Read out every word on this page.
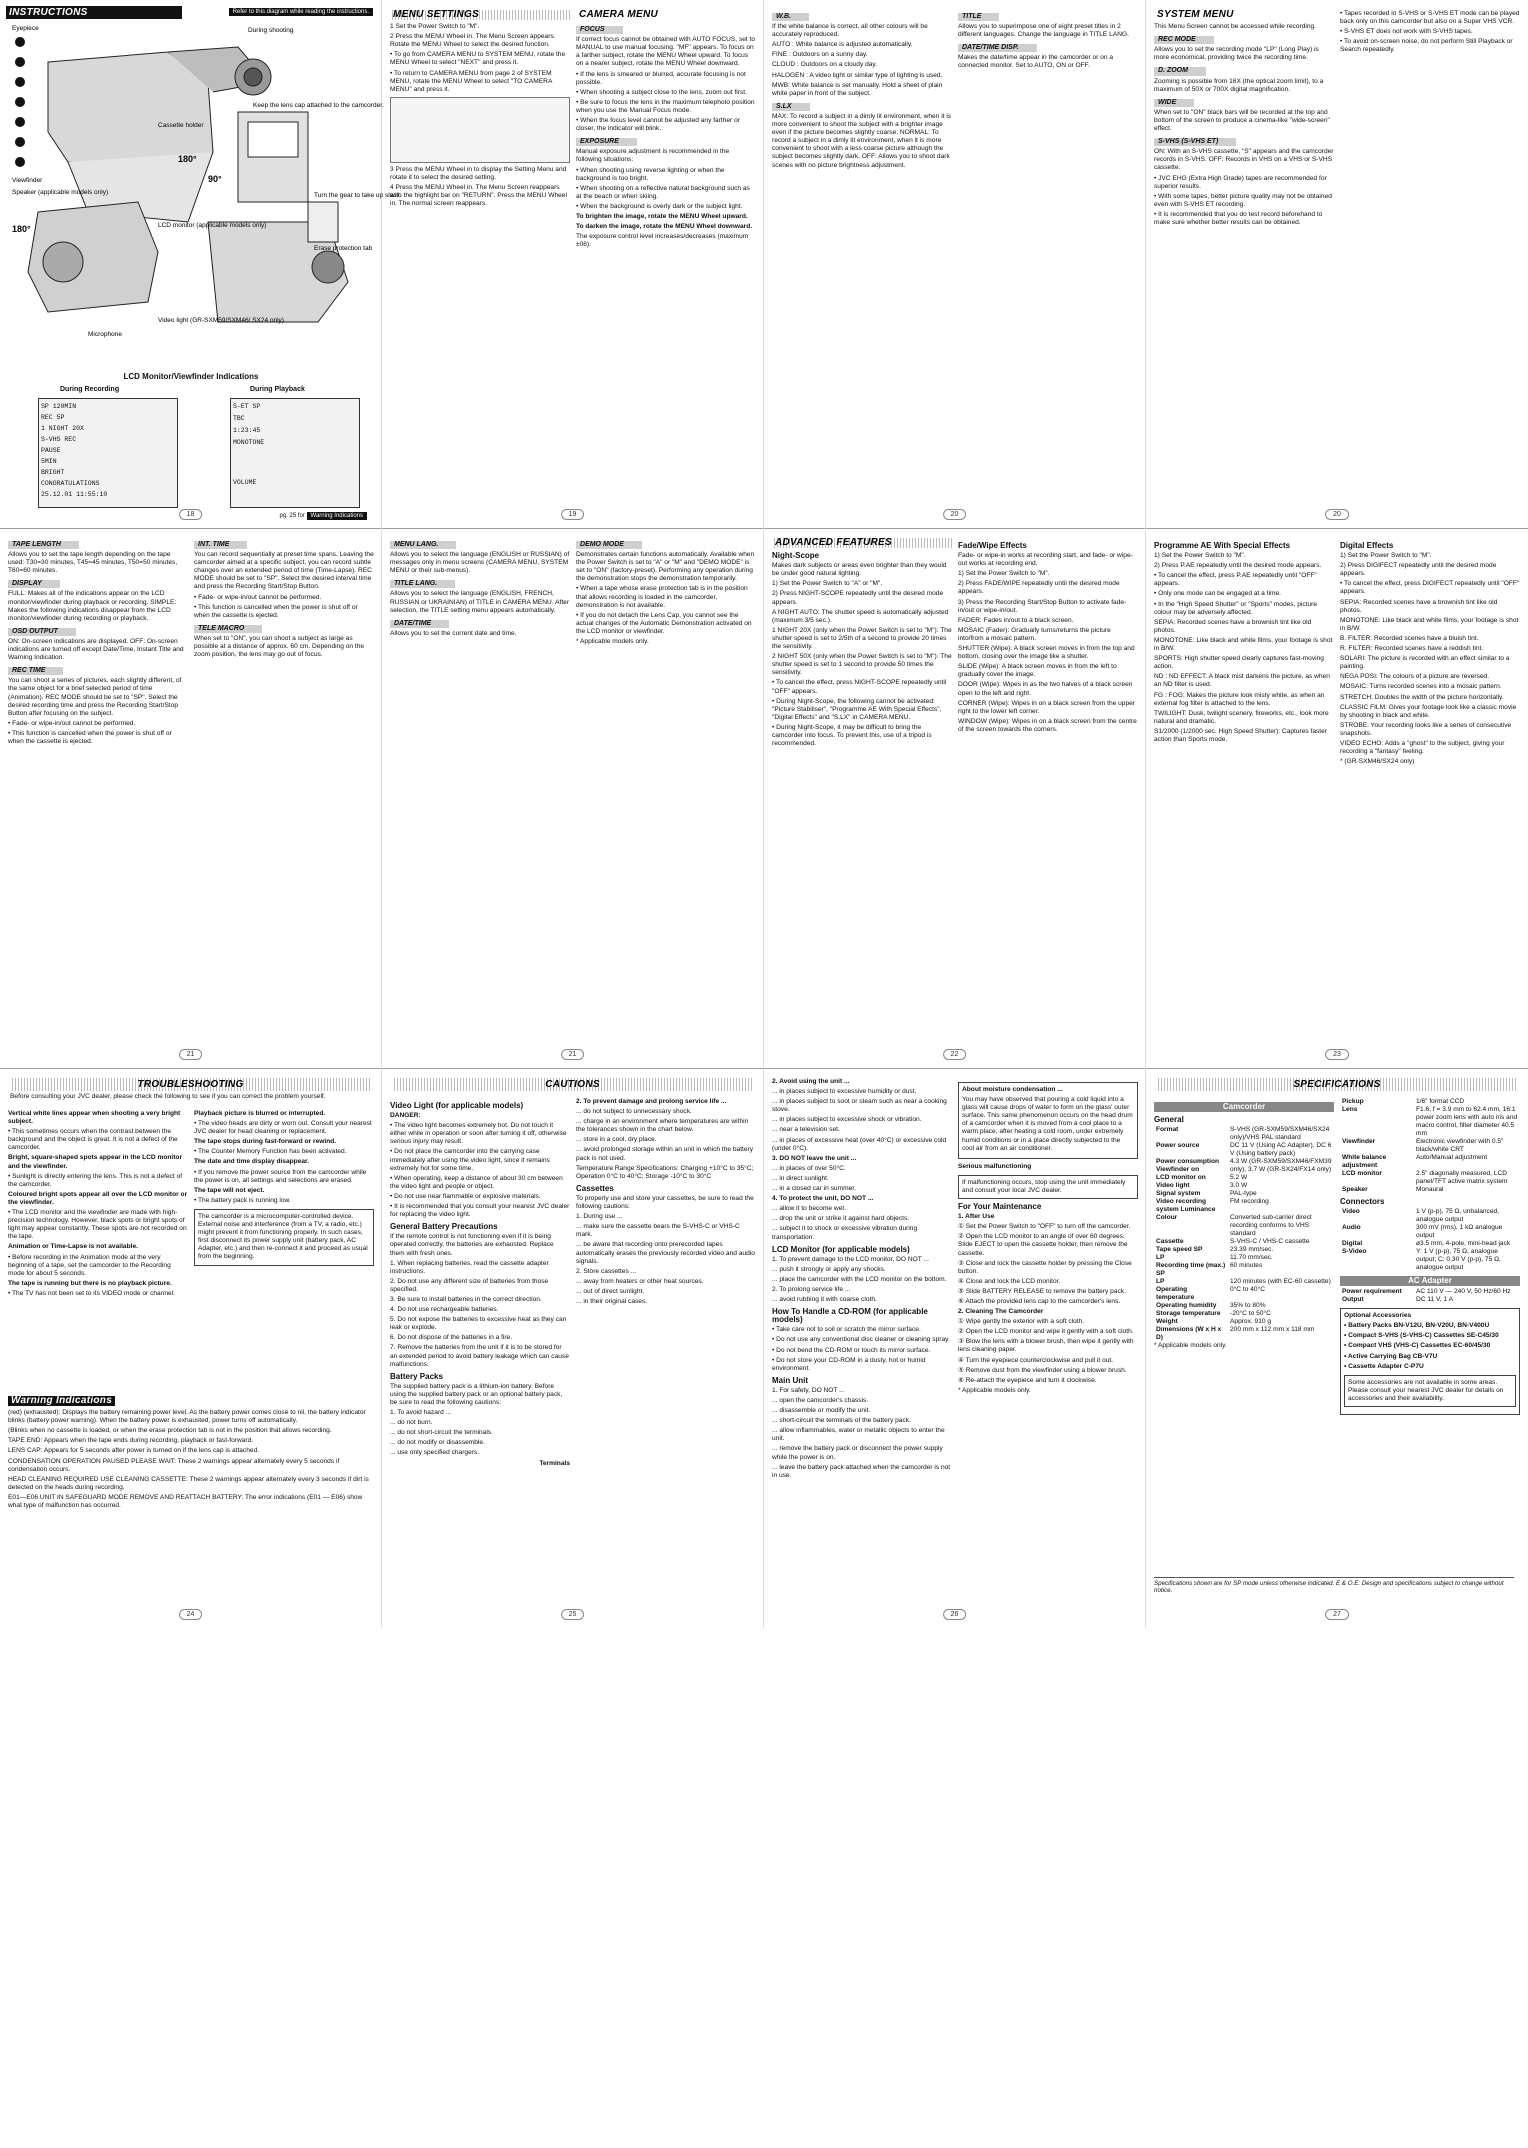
INSTRUCTIONS	Refer to this diagram while reading the instructions.
Eyepiece	During shooting
Keep the lens cap attached to the camcorder.
Cassette holder
Viewfinder
Speaker (applicable models only)
LCD monitor (applicable models only)
Turn the gear to take up slack.
Erase protection tab
Video light (GR-SXM59/SXM46/ SX24 only)
Microphone
180°
180°
90°
LCD Monitor/Viewfinder Indications
During Recording	During Playback
SP 120MIN
REC 5P
1 NIGHT 20X
S-VHS REC
PAUSE
5MIN
BRIGHT
CONGRATULATIONS
25.12.01 11:55:10
S-ET SP
TBC
1:23:45
MONOTONE
VOLUME
pg. 25 for Warning Indications
18
MENU SETTINGS
1 Set the Power Switch to "M".
2 Press the MENU Wheel in. The Menu Screen appears. Rotate the MENU Wheel to select the desired function.
• To go from CAMERA MENU to SYSTEM MENU, rotate the MENU Wheel to select "NEXT" and press it.
• To return to CAMERA MENU from page 2 of SYSTEM MENU, rotate the MENU Wheel to select "TO CAMERA MENU" and press it.
3 Press the MENU Wheel in to display the Setting Menu and rotate it to select the desired setting.
4 Press the MENU Wheel in. The Menu Screen reappears with the highlight bar on "RETURN". Press the MENU Wheel in. The normal screen reappears.
CAMERA MENU
FOCUS
If correct focus cannot be obtained with AUTO FOCUS, set to MANUAL to use manual focusing. "MF" appears. To focus on a farther subject, rotate the MENU Wheel upward. To focus on a nearer subject, rotate the MENU Wheel downward.
• If the lens is smeared or blurred, accurate focusing is not possible.
• When shooting a subject close to the lens, zoom out first.
• Be sure to focus the lens in the maximum telephoto position when you use the Manual Focus mode.
• When the focus level cannot be adjusted any farther or closer, the indicator will blink.
EXPOSURE
Manual exposure adjustment is recommended in the following situations:
• When shooting using reverse lighting or when the background is too bright.
• When shooting on a reflective natural background such as at the beach or when skiing.
• When the background is overly dark or the subject light.
To brighten the image, rotate the MENU Wheel upward.
To darken the image, rotate the MENU Wheel downward.
The exposure control level increases/decreases (maximum ±06).
19
W.B.
If the white balance is correct, all other colours will be accurately reproduced.
AUTO : White balance is adjusted automatically.
FINE : Outdoors on a sunny day.
CLOUD : Outdoors on a cloudy day.
HALOGEN : A video light or similar type of lighting is used.
MWB: White balance is set manually. Hold a sheet of plain white paper in front of the subject.
S.LX
MAX: To record a subject in a dimly lit environment, when it is more convenient to shoot the subject with a brighter image even if the picture becomes slightly coarse. NORMAL: To record a subject in a dimly lit environment, when it is more convenient to shoot with a less coarse picture although the subject becomes slightly dark. OFF: Allows you to shoot dark scenes with no picture brightness adjustment.
TITLE
Allows you to superimpose one of eight preset titles in 2 different languages. Change the language in TITLE LANG.
DATE/TIME DISP.
Makes the date/time appear in the camcorder or on a connected monitor. Set to AUTO, ON or OFF.
20
SYSTEM MENU
This Menu Screen cannot be accessed while recording.
REC MODE
Allows you to set the recording mode "LP" (Long Play) is more economical, providing twice the recording time.
D. ZOOM
Zooming is possible from 16X (the optical zoom limit), to a maximum of 50X or 700X digital magnification.
WIDE
When set to "ON" black bars will be recorded at the top and bottom of the screen to produce a cinema-like "wide-screen" effect.
S-VHS (S-VHS ET)
ON: With an S-VHS cassette, "S" appears and the camcorder records in S-VHS. OFF: Records in VHS on a VHS or S-VHS cassette.
• JVC EHG (Extra High Grade) tapes are recommended for superior results.
• With some tapes, better picture quality may not be obtained even with S-VHS ET recording.
• It is recommended that you do test record beforehand to make sure whether better results can be obtained.
• Tapes recorded in S-VHS or S-VHS ET mode can be played back only on this camcorder but also on a Super VHS VCR.
• S-VHS ET does not work with S-VHS tapes.
• To avoid on-screen noise, do not perform Still Playback or Search repeatedly.
20
TAPE LENGTH
Allows you to set the tape length depending on the tape used: T30=30 minutes, T45=45 minutes, T50=50 minutes, T60=60 minutes.
DISPLAY
FULL: Makes all of the indications appear on the LCD monitor/viewfinder during playback or recording. SIMPLE: Makes the following indications disappear from the LCD monitor/viewfinder during recording or playback.
OSD OUTPUT
ON: On-screen indications are displayed. OFF: On-screen indications are turned off except Date/Time, Instant Title and Warning Indication.
REC TIME
You can shoot a series of pictures, each slightly different, of the same object for a brief selected period of time (Animation). REC MODE should be set to "SP". Select the desired recording time and press the Recording Start/Stop Button after focusing on the subject.
• Fade- or wipe-in/out cannot be performed.
• This function is cancelled when the power is shut off or when the cassette is ejected.
INT. TIME
You can record sequentially at preset time spans. Leaving the camcorder aimed at a specific subject, you can record subtle changes over an extended period of time (Time-Lapse). REC MODE should be set to "SP". Select the desired interval time and press the Recording Start/Stop Button.
• Fade- or wipe-in/out cannot be performed.
• This function is cancelled when the power is shut off or when the cassette is ejected.
TELE MACRO
When set to "ON", you can shoot a subject as large as possible at a distance of approx. 60 cm. Depending on the zoom position, the lens may go out of focus.
21
MENU LANG.
Allows you to select the language (ENGLISH or RUSSIAN) of messages only in menu screens (CAMERA MENU, SYSTEM MENU or their sub-menus).
TITLE LANG.
Allows you to select the language (ENGLISH, FRENCH, RUSSIAN or UKRAINIAN) of TITLE in CAMERA MENU. After selection, the TITLE setting menu appears automatically.
DATE/TIME
Allows you to set the current date and time.
DEMO MODE
Demonstrates certain functions automatically. Available when the Power Switch is set to "A" or "M" and "DEMO MODE" is set to "ON" (factory-preset). Performing any operation during the demonstration stops the demonstration temporarily.
• When a tape whose erase protection tab is in the position that allows recording is loaded in the camcorder, demonstration is not available.
• If you do not detach the Lens Cap, you cannot see the actual changes of the Automatic Demonstration activated on the LCD monitor or viewfinder.
* Applicable models only.
21
ADVANCED FEATURES
Night-Scope
Makes dark subjects or areas even brighter than they would be under good natural lighting.
1) Set the Power Switch to "A" or "M".
2) Press NIGHT-SCOPE repeatedly until the desired mode appears.
A NIGHT AUTO: The shutter speed is automatically adjusted (maximum 3/5 sec.).
1 NIGHT 20X (only when the Power Switch is set to "M"): The shutter speed is set to 2/5th of a second to provide 20 times the sensitivity.
2 NIGHT 50X (only when the Power Switch is set to "M"): The shutter speed is set to 1 second to provide 50 times the sensitivity.
• To cancel the effect, press NIGHT-SCOPE repeatedly until "OFF" appears.
• During Night-Scope, the following cannot be activated: "Picture Stabiliser", "Programme AE With Special Effects", "Digital Effects" and "S.LX" in CAMERA MENU.
• During Night-Scope, it may be difficult to bring the camcorder into focus. To prevent this, use of a tripod is recommended.
Fade/Wipe Effects
Fade- or wipe-in works at recording start, and fade- or wipe-out works at recording end.
1) Set the Power Switch to "M".
2) Press FADE/WIPE repeatedly until the desired mode appears.
3) Press the Recording Start/Stop Button to activate fade-in/out or wipe-in/out.
FADER: Fades in/out to a black screen.
MOSAIC (Fader): Gradually turns/returns the picture into/from a mosaic pattern.
SHUTTER (Wipe): A black screen moves in from the top and bottom, closing over the image like a shutter.
SLIDE (Wipe): A black screen moves in from the left to gradually cover the image.
DOOR (Wipe): Wipes in as the two halves of a black screen open to the left and right.
CORNER (Wipe): Wipes in on a black screen from the upper right to the lower left corner.
WINDOW (Wipe): Wipes in on a black screen from the centre of the screen towards the corners.
22
Programme AE With Special Effects
1) Set the Power Switch to "M".
2) Press P.AE repeatedly until the desired mode appears.
• To cancel the effect, press P.AE repeatedly until "OFF" appears.
• Only one mode can be engaged at a time.
• In the "High Speed Shutter" or "Sports" modes, picture colour may be adversely affected.
SEPIA: Recorded scenes have a brownish tint like old photos.
MONOTONE: Like black and white films, your footage is shot in B/W.
SPORTS: High shutter speed clearly captures fast-moving action.
ND : ND EFFECT: A black mist darkens the picture, as when an ND filter is used.
FG : FOG: Makes the picture look misty white, as when an external fog filter is attached to the lens.
TWILIGHT: Dusk, twilight scenery, fireworks, etc., look more natural and dramatic.
S1/2000 (1/2000 sec. High Speed Shutter): Captures faster action than Sports mode.
Digital Effects
1) Set the Power Switch to "M".
2) Press DIGIFECT repeatedly until the desired mode appears.
• To cancel the effect, press DIGIFECT repeatedly until "OFF" appears.
SEPIA: Recorded scenes have a brownish tint like old photos.
MONOTONE: Like black and white films, your footage is shot in B/W.
B. FILTER: Recorded scenes have a bluish tint.
R. FILTER: Recorded scenes have a reddish tint.
SOLARI: The picture is recorded with an effect similar to a painting.
NEGA POSI: The colours of a picture are reversed.
MOSAIC: Turns recorded scenes into a mosaic pattern.
STRETCH: Doubles the width of the picture horizontally.
CLASSIC FILM: Gives your footage look like a classic movie by shooting in black and white.
STROBE: Your recording looks like a series of consecutive snapshots.
VIDEO ECHO: Adds a "ghost" to the subject, giving your recording a "fantasy" feeling.
* (GR-SXM46/SX24 only)
23
TROUBLESHOOTING
Before consulting your JVC dealer, please check the following to see if you can correct the problem yourself.
Vertical white lines appear when shooting a very bright subject.
• This sometimes occurs when the contrast between the background and the object is great. It is not a defect of the camcorder.
Bright, square-shaped spots appear in the LCD monitor and the viewfinder.
• Sunlight is directly entering the lens. This is not a defect of the camcorder.
Coloured bright spots appear all over the LCD monitor or the viewfinder.
• The LCD monitor and the viewfinder are made with high-precision technology. However, black spots or bright spots of light may appear constantly. These spots are not recorded on the tape.
Animation or Time-Lapse is not available.
• Before recording in the Animation mode at the very beginning of a tape, set the camcorder to the Recording mode for about 5 seconds.
The tape is running but there is no playback picture.
• The TV has not been set to its VIDEO mode or channel.
Playback picture is blurred or interrupted.
• The video heads are dirty or worn out. Consult your nearest JVC dealer for head cleaning or replacement.
The tape stops during fast-forward or rewind.
• The Counter Memory Function has been activated.
The date and time display disappear.
• If you remove the power source from the camcorder while the power is on, all settings and selections are erased.
The tape will not eject.
• The battery pack is running low.
The camcorder is a microcomputer-controlled device. External noise and interference (from a TV, a radio, etc.) might prevent it from functioning properly. In such cases, first disconnect its power supply unit (battery pack, AC Adapter, etc.) and then re-connect it and proceed as usual from the beginning.
Warning Indications
(red) (exhausted): Displays the battery remaining power level. As the battery power comes close to nil, the battery indicator blinks (battery power warning). When the battery power is exhausted, power turns off automatically.
(Blinks when no cassette is loaded, or when the erase protection tab is not in the position that allows recording.
TAPE END: Appears when the tape ends during recording, playback or fast-forward.
LENS CAP: Appears for 5 seconds after power is turned on if the lens cap is attached.
CONDENSATION OPERATION PAUSED PLEASE WAIT: These 2 warnings appear alternately every 5 seconds if condensation occurs.
HEAD CLEANING REQUIRED USE CLEANING CASSETTE: These 2 warnings appear alternately every 3 seconds if dirt is detected on the heads during recording.
E01—E06 UNIT IN SAFEGUARD MODE REMOVE AND REATTACH BATTERY: The error indications (E01 — E06) show what type of malfunction has occurred.
24
CAUTIONS
Video Light (for applicable models)
DANGER:
• The video light becomes extremely hot. Do not touch it either while in operation or soon after turning it off, otherwise serious injury may result.
• Do not place the camcorder into the carrying case immediately after using the video light, since it remains extremely hot for some time.
• When operating, keep a distance of about 30 cm between the video light and people or object.
• Do not use near flammable or explosive materials.
• It is recommended that you consult your nearest JVC dealer for replacing the video light.
General Battery Precautions
If the remote control is not functioning even if it is being operated correctly, the batteries are exhausted. Replace them with fresh ones.
1. When replacing batteries, read the cassette adapter instructions.
2. Do not use any different size of batteries from those specified.
3. Be sure to install batteries in the correct direction.
4. Do not use rechargeable batteries.
5. Do not expose the batteries to excessive heat as they can leak or explode.
6. Do not dispose of the batteries in a fire.
7. Remove the batteries from the unit if it is to be stored for an extended period to avoid battery leakage which can cause malfunctions.
Battery Packs
The supplied battery pack is a lithium-ion battery. Before using the supplied battery pack or an optional battery pack, be sure to read the following cautions:
1. To avoid hazard ...
... do not burn.
... do not short-circuit the terminals.
... do not modify or disassemble.
... use only specified chargers.
Terminals
2. To prevent damage and prolong service life ...
... do not subject to unnecessary shock.
... charge in an environment where temperatures are within the tolerances shown in the chart below.
... store in a cool, dry place.
... avoid prolonged storage within an unit in which the battery pack is not used.
Temperature Range Specifications: Charging +10°C to 35°C; Operation 0°C to 40°C; Storage -10°C to 30°C
Cassettes
To properly use and store your cassettes, be sure to read the following cautions:
1. During use ...
... make sure the cassette bears the S-VHS-C or VHS-C mark.
... be aware that recording onto prerecorded tapes automatically erases the previously recorded video and audio signals.
2. Store cassettes ...
... away from heaters or other heat sources.
... out of direct sunlight.
... in their original cases.
25
2. Avoid using the unit ...
... in places subject to excessive humidity or dust.
... in places subject to soot or steam such as near a cooking stove.
... in places subject to excessive shock or vibration.
... near a television set.
... in places of excessive heat (over 40°C) or excessive cold (under 0°C).
3. DO NOT leave the unit ...
... in places of over 50°C.
... in direct sunlight.
... in a closed car in summer.
4. To protect the unit, DO NOT ...
... allow it to become wet.
... drop the unit or strike it against hard objects.
... subject it to shock or excessive vibration during transportation.
LCD Monitor (for applicable models)
1. To prevent damage to the LCD monitor, DO NOT ...
... push it strongly or apply any shocks.
... place the camcorder with the LCD monitor on the bottom.
2. To prolong service life ...
... avoid rubbing it with coarse cloth.
How To Handle a CD-ROM (for applicable models)
• Take care not to soil or scratch the mirror surface.
• Do not use any conventional disc cleaner or cleaning spray.
• Do not bend the CD-ROM or touch its mirror surface.
• Do not store your CD-ROM in a dusty, hot or humid environment.
Main Unit
1. For safety, DO NOT ...
... open the camcorder's chassis.
... disassemble or modify the unit.
... short-circuit the terminals of the battery pack.
... allow inflammables, water or metallic objects to enter the unit.
... remove the battery pack or disconnect the power supply while the power is on.
... leave the battery pack attached when the camcorder is not in use.
About moisture condensation ...
You may have observed that pouring a cold liquid into a glass will cause drops of water to form on the glass' outer surface. This same phenomenon occurs on the head drum of a camcorder when it is moved from a cool place to a warm place, after heating a cold room, under extremely humid conditions or in a place directly subjected to the cool air from an air conditioner.
Serious malfunctioning
If malfunctioning occurs, stop using the unit immediately and consult your local JVC dealer.
For Your Maintenance
1. After Use
① Set the Power Switch to "OFF" to turn off the camcorder.
② Open the LCD monitor to an angle of over 60 degrees. Slide EJECT to open the cassette holder, then remove the cassette.
③ Close and lock the cassette holder by pressing the Close button.
④ Close and lock the LCD monitor.
⑤ Slide BATTERY RELEASE to remove the battery pack.
⑥ Attach the provided lens cap to the camcorder's lens.
2. Cleaning The Camcorder
① Wipe gently the exterior with a soft cloth.
② Open the LCD monitor and wipe it gently with a soft cloth.
③ Blow the lens with a blower brush, then wipe it gently with lens cleaning paper.
④ Turn the eyepiece counterclockwise and pull it out.
⑤ Remove dust from the viewfinder using a blower brush.
⑥ Re-attach the eyepiece and turn it clockwise.
* Applicable models only.
26
SPECIFICATIONS
Camcorder
General
Format	S-VHS (GR-SXM59/SXM46/SX24 only)/VHS PAL standard
Power source	DC 11 V (Using AC Adapter), DC 6 V (Using battery pack)
Power consumption Viewfinder on	4.3 W (GR-SXM59/SXM46/FXM39 only), 3.7 W (GR-SX24/FX14 only)
LCD monitor on	5.2 W
Video light	3.0 W
Signal system	PAL-type
Video recording system Luminance	FM recording
Colour	Converted sub-carrier direct recording conforms to VHS standard
Cassette	S-VHS-C / VHS-C cassette
Tape speed SP	23.39 mm/sec.
LP	11.70 mm/sec.
Recording time (max.) SP	60 minutes
LP	120 minutes (with EC-60 cassette)
Operating temperature	0°C to 40°C
Operating humidity	35% to 80%
Storage temperature	-20°C to 50°C
Weight	Approx. 910 g
Dimensions (W x H x D)	200 mm x 112 mm x 118 mm
* Applicable models only.
Pickup	1/6" format CCD
Lens	F1.6, f = 3.9 mm to 62.4 mm, 16:1 power zoom lens with auto iris and macro control, filter diameter 40.5 mm
Viewfinder	Electronic viewfinder with 0.5" black/white CRT
White balance adjustment	Auto/Manual adjustment
LCD monitor	2.5" diagonally measured, LCD panel/TFT active matrix system
Speaker	Monaural
Connectors
Video	1 V (p-p), 75 Ω, unbalanced, analogue output
Audio	300 mV (rms), 1 kΩ analogue output
Digital	ø3.5 mm, 4-pole, mini-head jack
S-Video	Y: 1 V (p-p), 75 Ω, analogue output; C: 0.30 V (p-p), 75 Ω, analogue output
AC Adapter
Power requirement	AC 110 V — 240 V, 50 Hz/60 Hz
Output	DC 11 V, 1 A
Optional Accessories
• Battery Packs BN-V12U, BN-V20U, BN-V400U
• Compact S-VHS (S-VHS-C) Cassettes SE-C45/30
• Compact VHS (VHS-C) Cassettes EC-60/45/30
• Active Carrying Bag CB-V7U
• Cassette Adapter C-P7U
Some accessories are not available in some areas. Please consult your nearest JVC dealer for details on accessories and their availability.
Specifications shown are for SP mode unless otherwise indicated. E & O.E. Design and specifications subject to change without notice.
27
